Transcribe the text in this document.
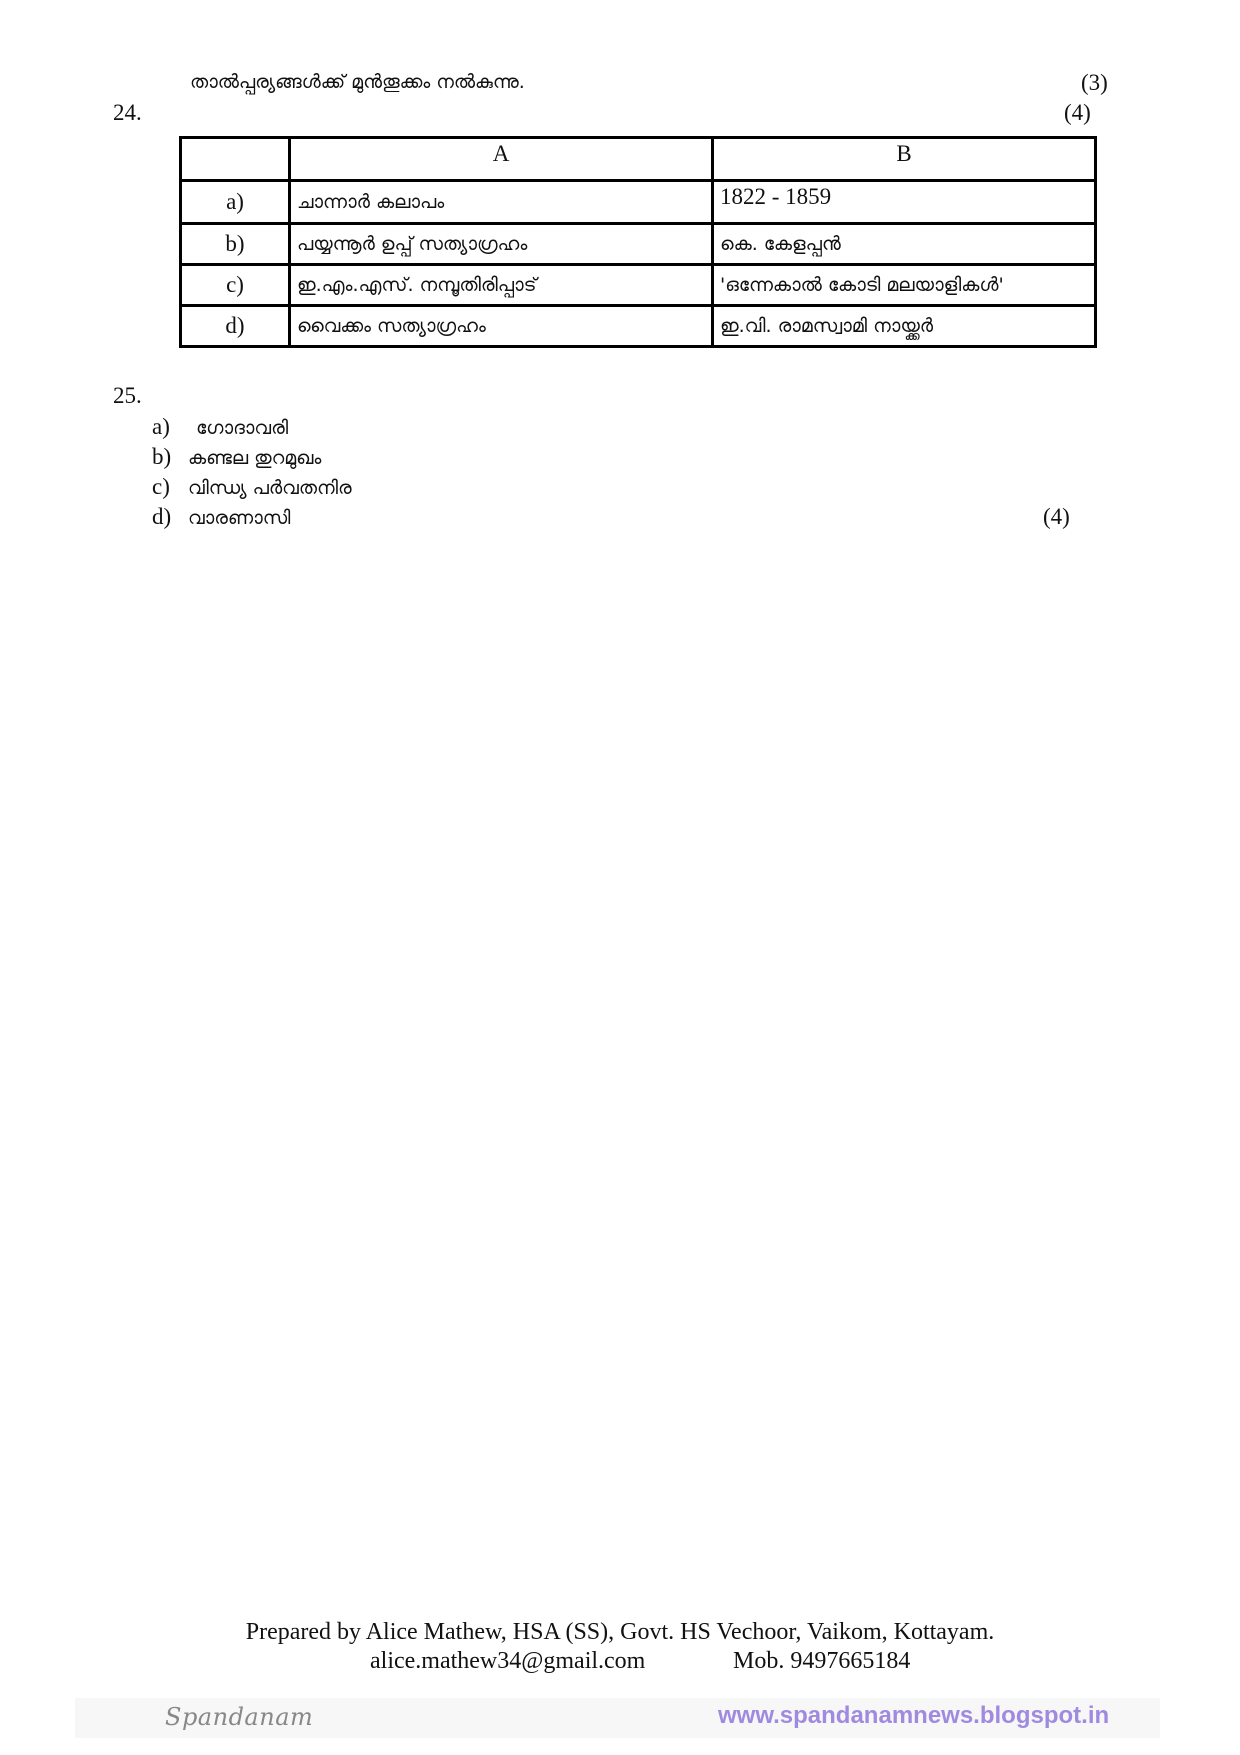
താൽപ്പര്യങ്ങൾക്ക് മുൻതൂക്കം നൽകുന്നു.	(3)
24.	(4)
	A	B
a)	ചാന്നാർ കലാപം	1822 - 1859
b)	പയ്യന്നൂർ ഉപ്പ് സത്യാഗ്രഹം	കെ. കേളപ്പൻ
c)	ഇ.എം.എസ്. നമ്പൂതിരിപ്പാട്	'ഒന്നേകാൽ കോടി മലയാളികൾ'
d)	വൈക്കം സത്യാഗ്രഹം	ഇ.വി. രാമസ്വാമി നായ്ക്കർ
25.
a) ഗോദാവരി
b) കണ്ടല തുറമുഖം
c) വിന്ധ്യ പർവതനിര
d) വാരണാസി	(4)
Prepared by Alice Mathew, HSA (SS), Govt. HS Vechoor, Vaikom, Kottayam.
alice.mathew34@gmail.com	Mob. 9497665184
Spandanam	www.spandanamnews.blogspot.in
